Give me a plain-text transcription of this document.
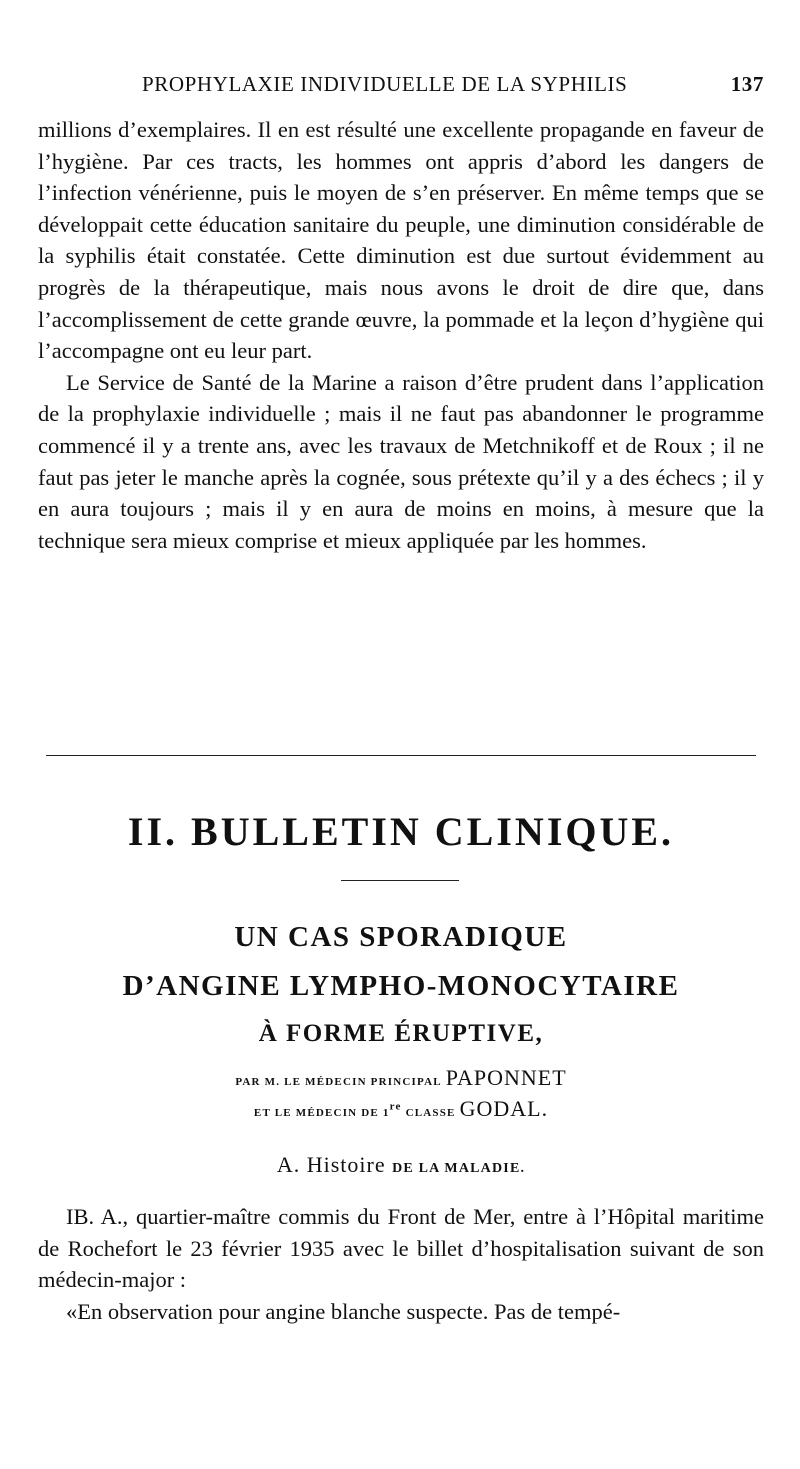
PROPHYLAXIE INDIVIDUELLE DE LA SYPHILIS	137

millions d’exemplaires. Il en est résulté une excellente propagande en faveur de l’hygiène. Par ces tracts, les hommes ont appris d’abord les dangers de l’infection vénérienne, puis le moyen de s’en préserver. En même temps que se développait cette éducation sanitaire du peuple, une diminution considérable de la syphilis était constatée. Cette diminution est due surtout évidemment au progrès de la thérapeutique, mais nous avons le droit de dire que, dans l’accomplissement de cette grande œuvre, la pommade et la leçon d’hygiène qui l’accompagne ont eu leur part.

Le Service de Santé de la Marine a raison d’être prudent dans l’application de la prophylaxie individuelle ; mais il ne faut pas abandonner le programme commencé il y a trente ans, avec les travaux de Metchnikoff et de Roux ; il ne faut pas jeter le manche après la cognée, sous prétexte qu’il y a des échecs ; il y en aura toujours ; mais il y en aura de moins en moins, à mesure que la technique sera mieux comprise et mieux appliquée par les hommes.

II. BULLETIN CLINIQUE.
UN CAS SPORADIQUE
D’ANGINE LYMPHO-MONOCYTAIRE
À FORME ÉRUPTIVE,
PAR M. LE MÉDECIN PRINCIPAL PAPONNET
ET LE MÉDECIN DE 1re CLASSE GODAL.
A. Histoire DE LA MALADIE.

IB. A., quartier-maître commis du Front de Mer, entre à l’Hôpital maritime de Rochefort le 23 février 1935 avec le billet d’hospitalisation suivant de son médecin-major :

«En observation pour angine blanche suspecte. Pas de tempé-
